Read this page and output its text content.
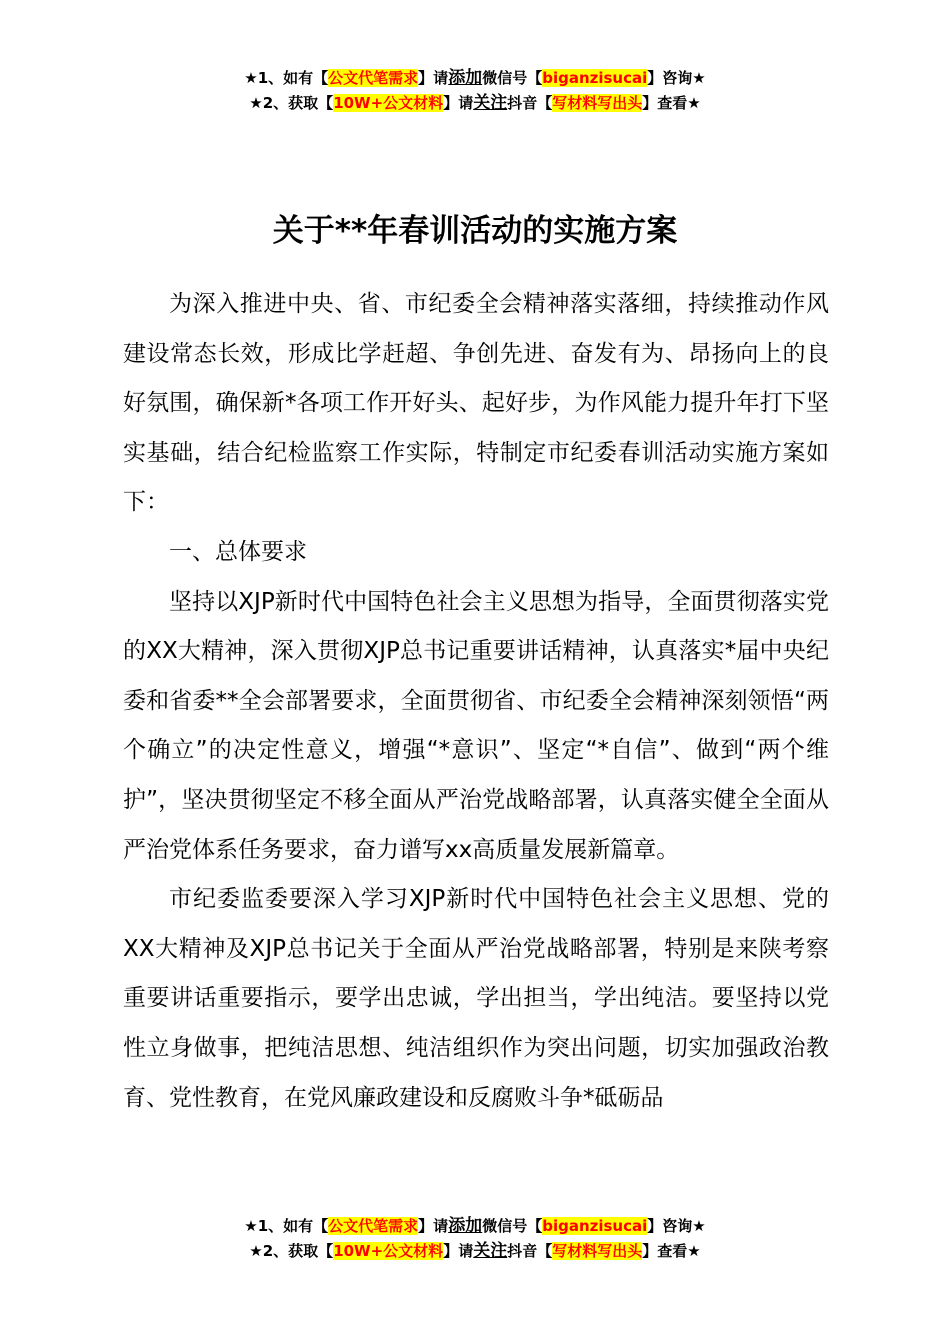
★1、如有【公文代笔需求】请添加微信号【biganzisucai】咨询★
★2、获取【10W+公文材料】请关注抖音【写材料写出头】查看★
关于**年春训活动的实施方案

为深入推进中央、省、市纪委全会精神落实落细，持续推动作风建设常态长效，形成比学赶超、争创先进、奋发有为、昂扬向上的良好氛围，确保新*各项工作开好头、起好步，为作风能力提升年打下坚实基础，结合纪检监察工作实际，特制定市纪委春训活动实施方案如下：

一、总体要求

坚持以XJP新时代中国特色社会主义思想为指导，全面贯彻落实党的XX大精神，深入贯彻XJP总书记重要讲话精神，认真落实*届中央纪委和省委**全会部署要求，全面贯彻省、市纪委全会精神深刻领悟“两个确立”的决定性意义，增强“*意识”、坚定“*自信”、做到“两个维护”，坚决贯彻坚定不移全面从严治党战略部署，认真落实健全全面从严治党体系任务要求，奋力谱写xx高质量发展新篇章。

市纪委监委要深入学习XJP新时代中国特色社会主义思想、党的XX大精神及XJP总书记关于全面从严治党战略部署，特别是来陕考察重要讲话重要指示，要学出忠诚，学出担当，学出纯洁。要坚持以党性立身做事，把纯洁思想、纯洁组织作为突出问题，切实加强政治教育、党性教育，在党风廉政建设和反腐败斗争*砥砺品

★1、如有【公文代笔需求】请添加微信号【biganzisucai】咨询★
★2、获取【10W+公文材料】请关注抖音【写材料写出头】查看★
